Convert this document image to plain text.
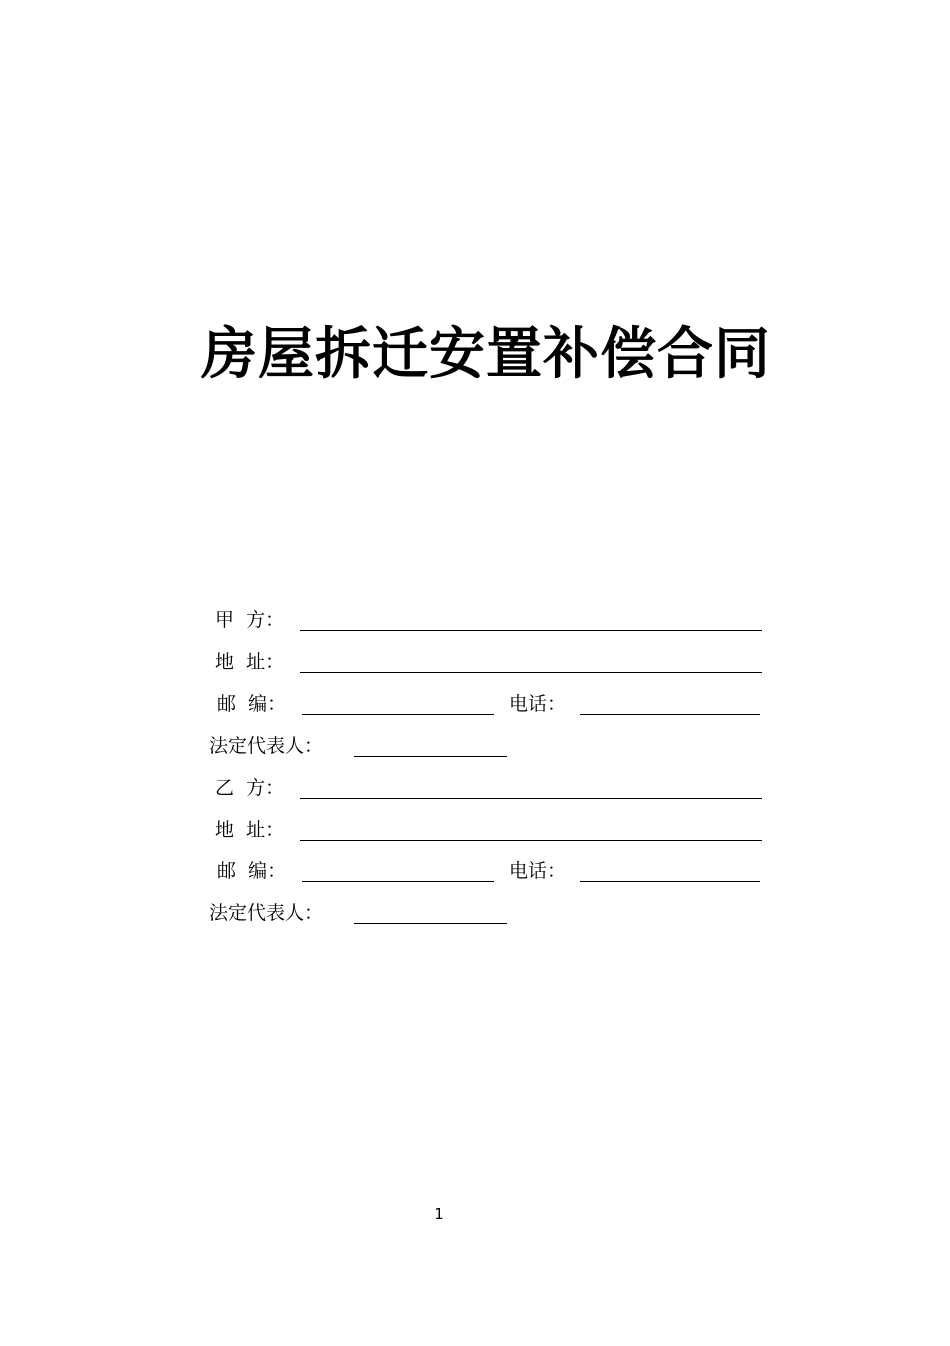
房屋拆迁安置补偿合同
甲  方：
地  址：
邮  编：	电话：
法定代表人：
乙  方：
地  址：
邮  编：	电话：
法定代表人：
1
